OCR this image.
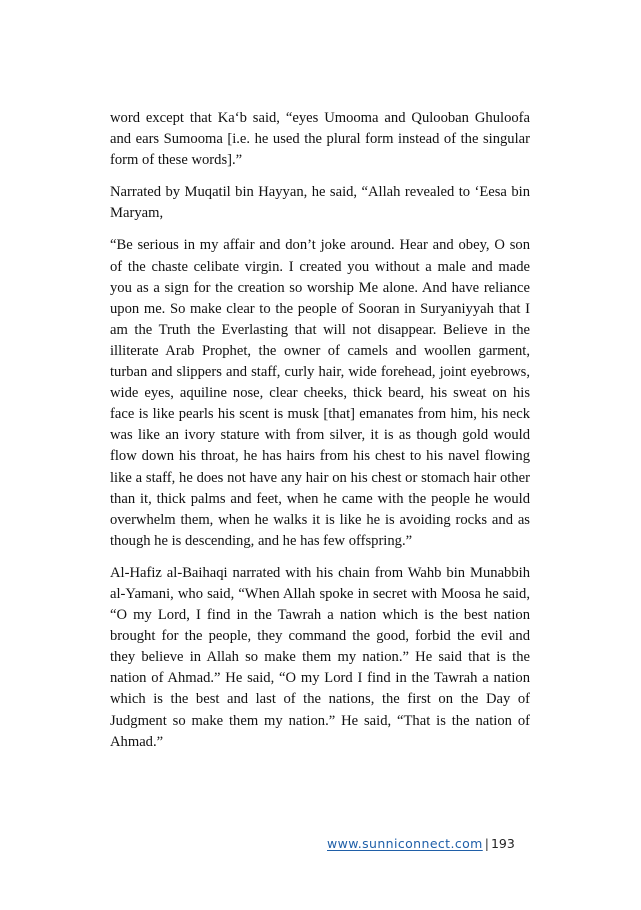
word except that Ka‘b said, “eyes Umooma and Qulooban Ghuloofa and ears Sumooma [i.e. he used the plural form instead of the singular form of these words].”

Narrated by Muqatil bin Hayyan, he said, “Allah revealed to ‘Eesa bin Maryam,

“Be serious in my affair and don’t joke around. Hear and obey, O son of the chaste celibate virgin. I created you without a male and made you as a sign for the creation so worship Me alone. And have reliance upon me. So make clear to the people of Sooran in Suryaniyyah that I am the Truth the Everlasting that will not disappear. Believe in the illiterate Arab Prophet, the owner of camels and woollen garment, turban and slippers and staff, curly hair, wide forehead, joint eyebrows, wide eyes, aquiline nose, clear cheeks, thick beard, his sweat on his face is like pearls his scent is musk [that] emanates from him, his neck was like an ivory stature with from silver, it is as though gold would flow down his throat, he has hairs from his chest to his navel flowing like a staff, he does not have any hair on his chest or stomach hair other than it, thick palms and feet, when he came with the people he would overwhelm them, when he walks it is like he is avoiding rocks and as though he is descending, and he has few offspring.”

Al-Hafiz al-Baihaqi narrated with his chain from Wahb bin Munabbih al-Yamani, who said, “When Allah spoke in secret with Moosa he said, “O my Lord, I find in the Tawrah a nation which is the best nation brought for the people, they command the good, forbid the evil and they believe in Allah so make them my nation.” He said that is the nation of Ahmad.” He said, “O my Lord I find in the Tawrah a nation which is the best and last of the nations, the first on the Day of Judgment so make them my nation.” He said, “That is the nation of Ahmad.”

www.sunniconnect.com | 193
